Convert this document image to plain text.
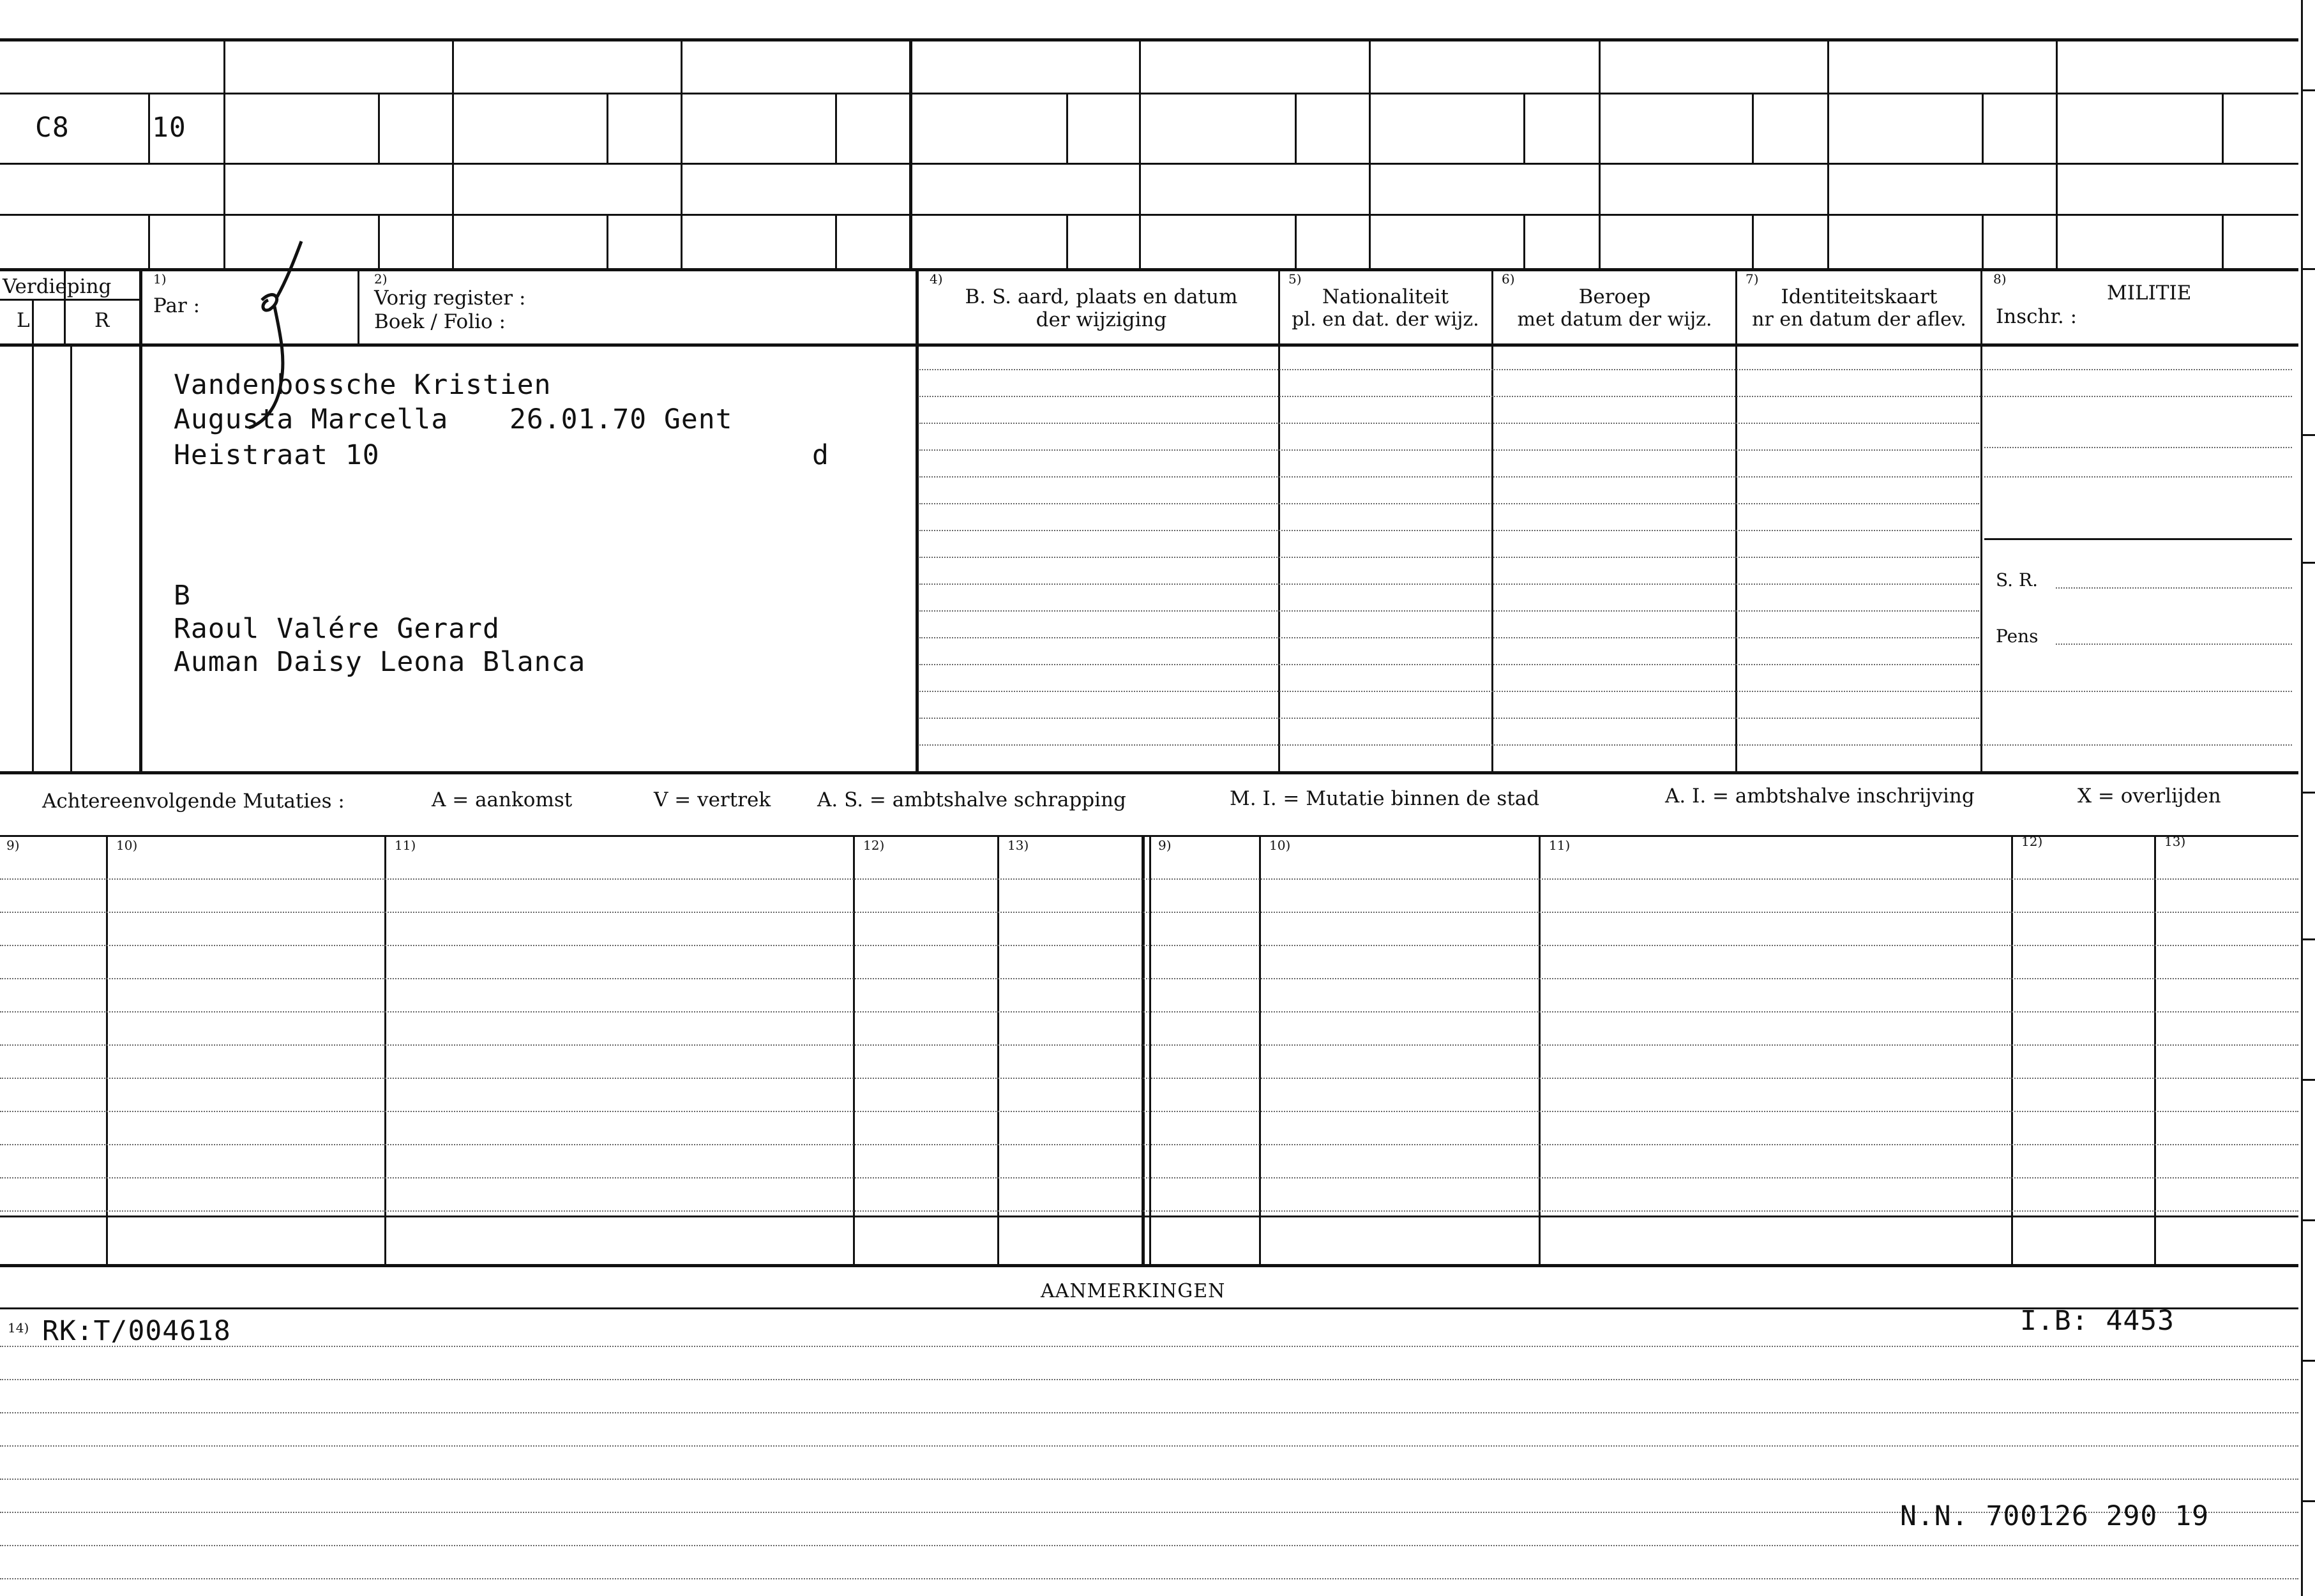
C8	10
Verdieping
L	R
1)
Par :
2)
Vorig register :
Boek / Folio :
4)
B. S. aard, plaats en datum
der wijziging
5)
Nationaliteit
pl. en dat. der wijz.
6)
Beroep
met datum der wijz.
7)
Identiteitskaart
nr en datum der aflev.
8)
MILITIE
Inschr. :
Vandenbossche Kristien
Augusta Marcella 26.01.70 Gent
Heistraat 10	d
B
Raoul Valére Gerard
Auman Daisy Leona Blanca
S. R.
Pens
Achtereenvolgende Mutaties :	A = aankomst	V = vertrek A. S. = ambtshalve schrapping	M. I. = Mutatie binnen de stad	A. I. = ambtshalve inschrijving	X = overlijden
9)	10)	11)	12)	13)	9)	10)	11)	12)	13)
AANMERKINGEN
14) RK:T/004618	I.B: 4453
N.N. 700126 290 19
